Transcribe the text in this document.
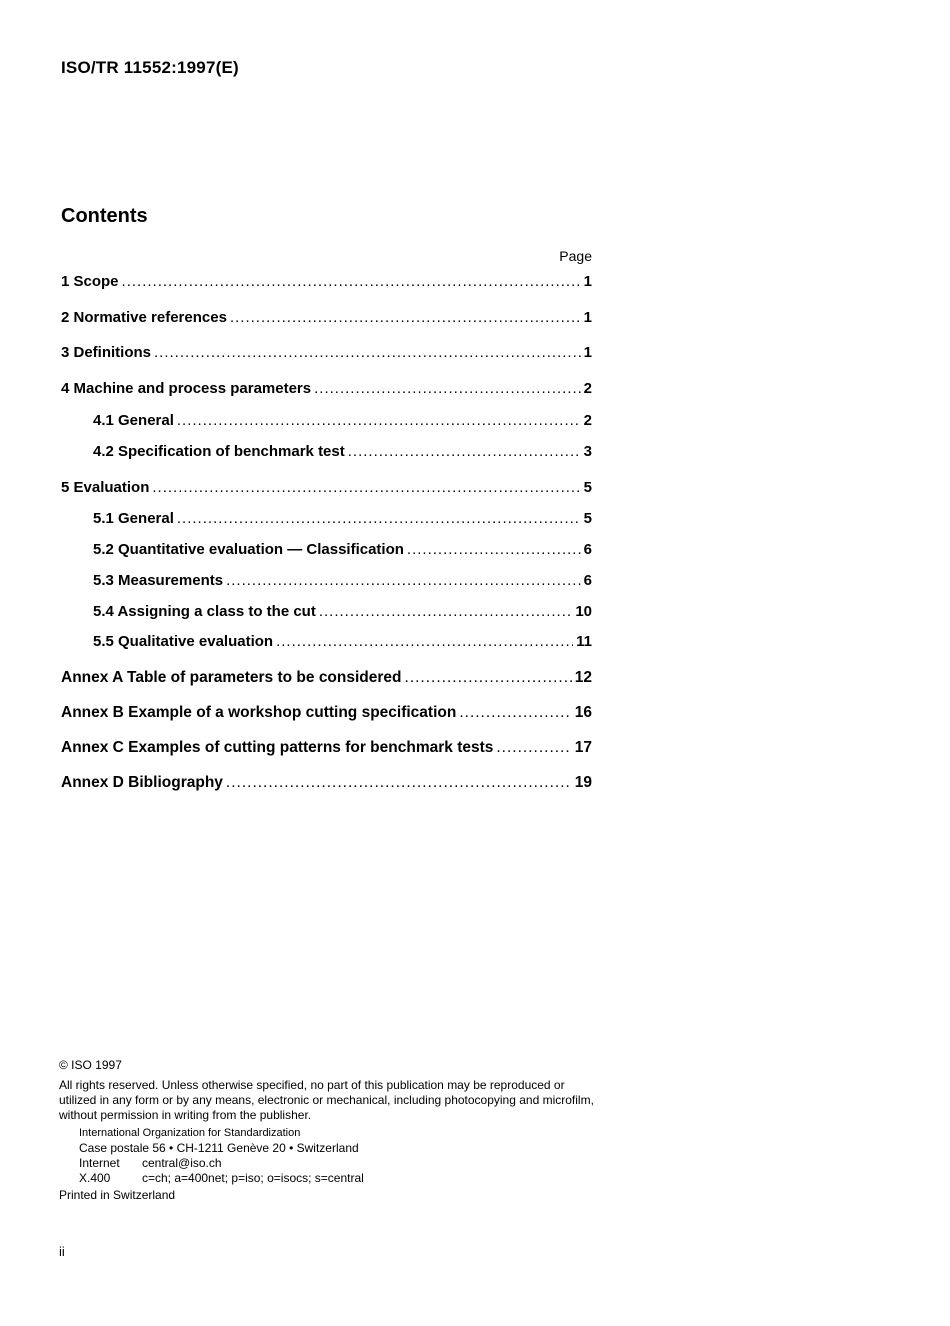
ISO/TR 11552:1997(E)
Contents
Page
1 Scope .....	1
2 Normative references .....	1
3 Definitions .....	1
4 Machine and process parameters .....	2
4.1 General .....	2
4.2 Specification of benchmark test .....	3
5 Evaluation .....	5
5.1 General .....	5
5.2 Quantitative evaluation — Classification .....	6
5.3 Measurements .....	6
5.4 Assigning a class to the cut .....	10
5.5 Qualitative evaluation .....	11
Annex A Table of parameters to be considered .....	12
Annex B Example of a workshop cutting specification .....	16
Annex C Examples of cutting patterns for benchmark tests .....	17
Annex D Bibliography .....	19
© ISO 1997
All rights reserved. Unless otherwise specified, no part of this publication may be reproduced or utilized in any form or by any means, electronic or mechanical, including photocopying and microfilm, without permission in writing from the publisher.
International Organization for Standardization
Case postale 56 • CH-1211 Genève 20 • Switzerland
Internet	central@iso.ch
X.400	c=ch; a=400net; p=iso; o=isocs; s=central
Printed in Switzerland
ii
